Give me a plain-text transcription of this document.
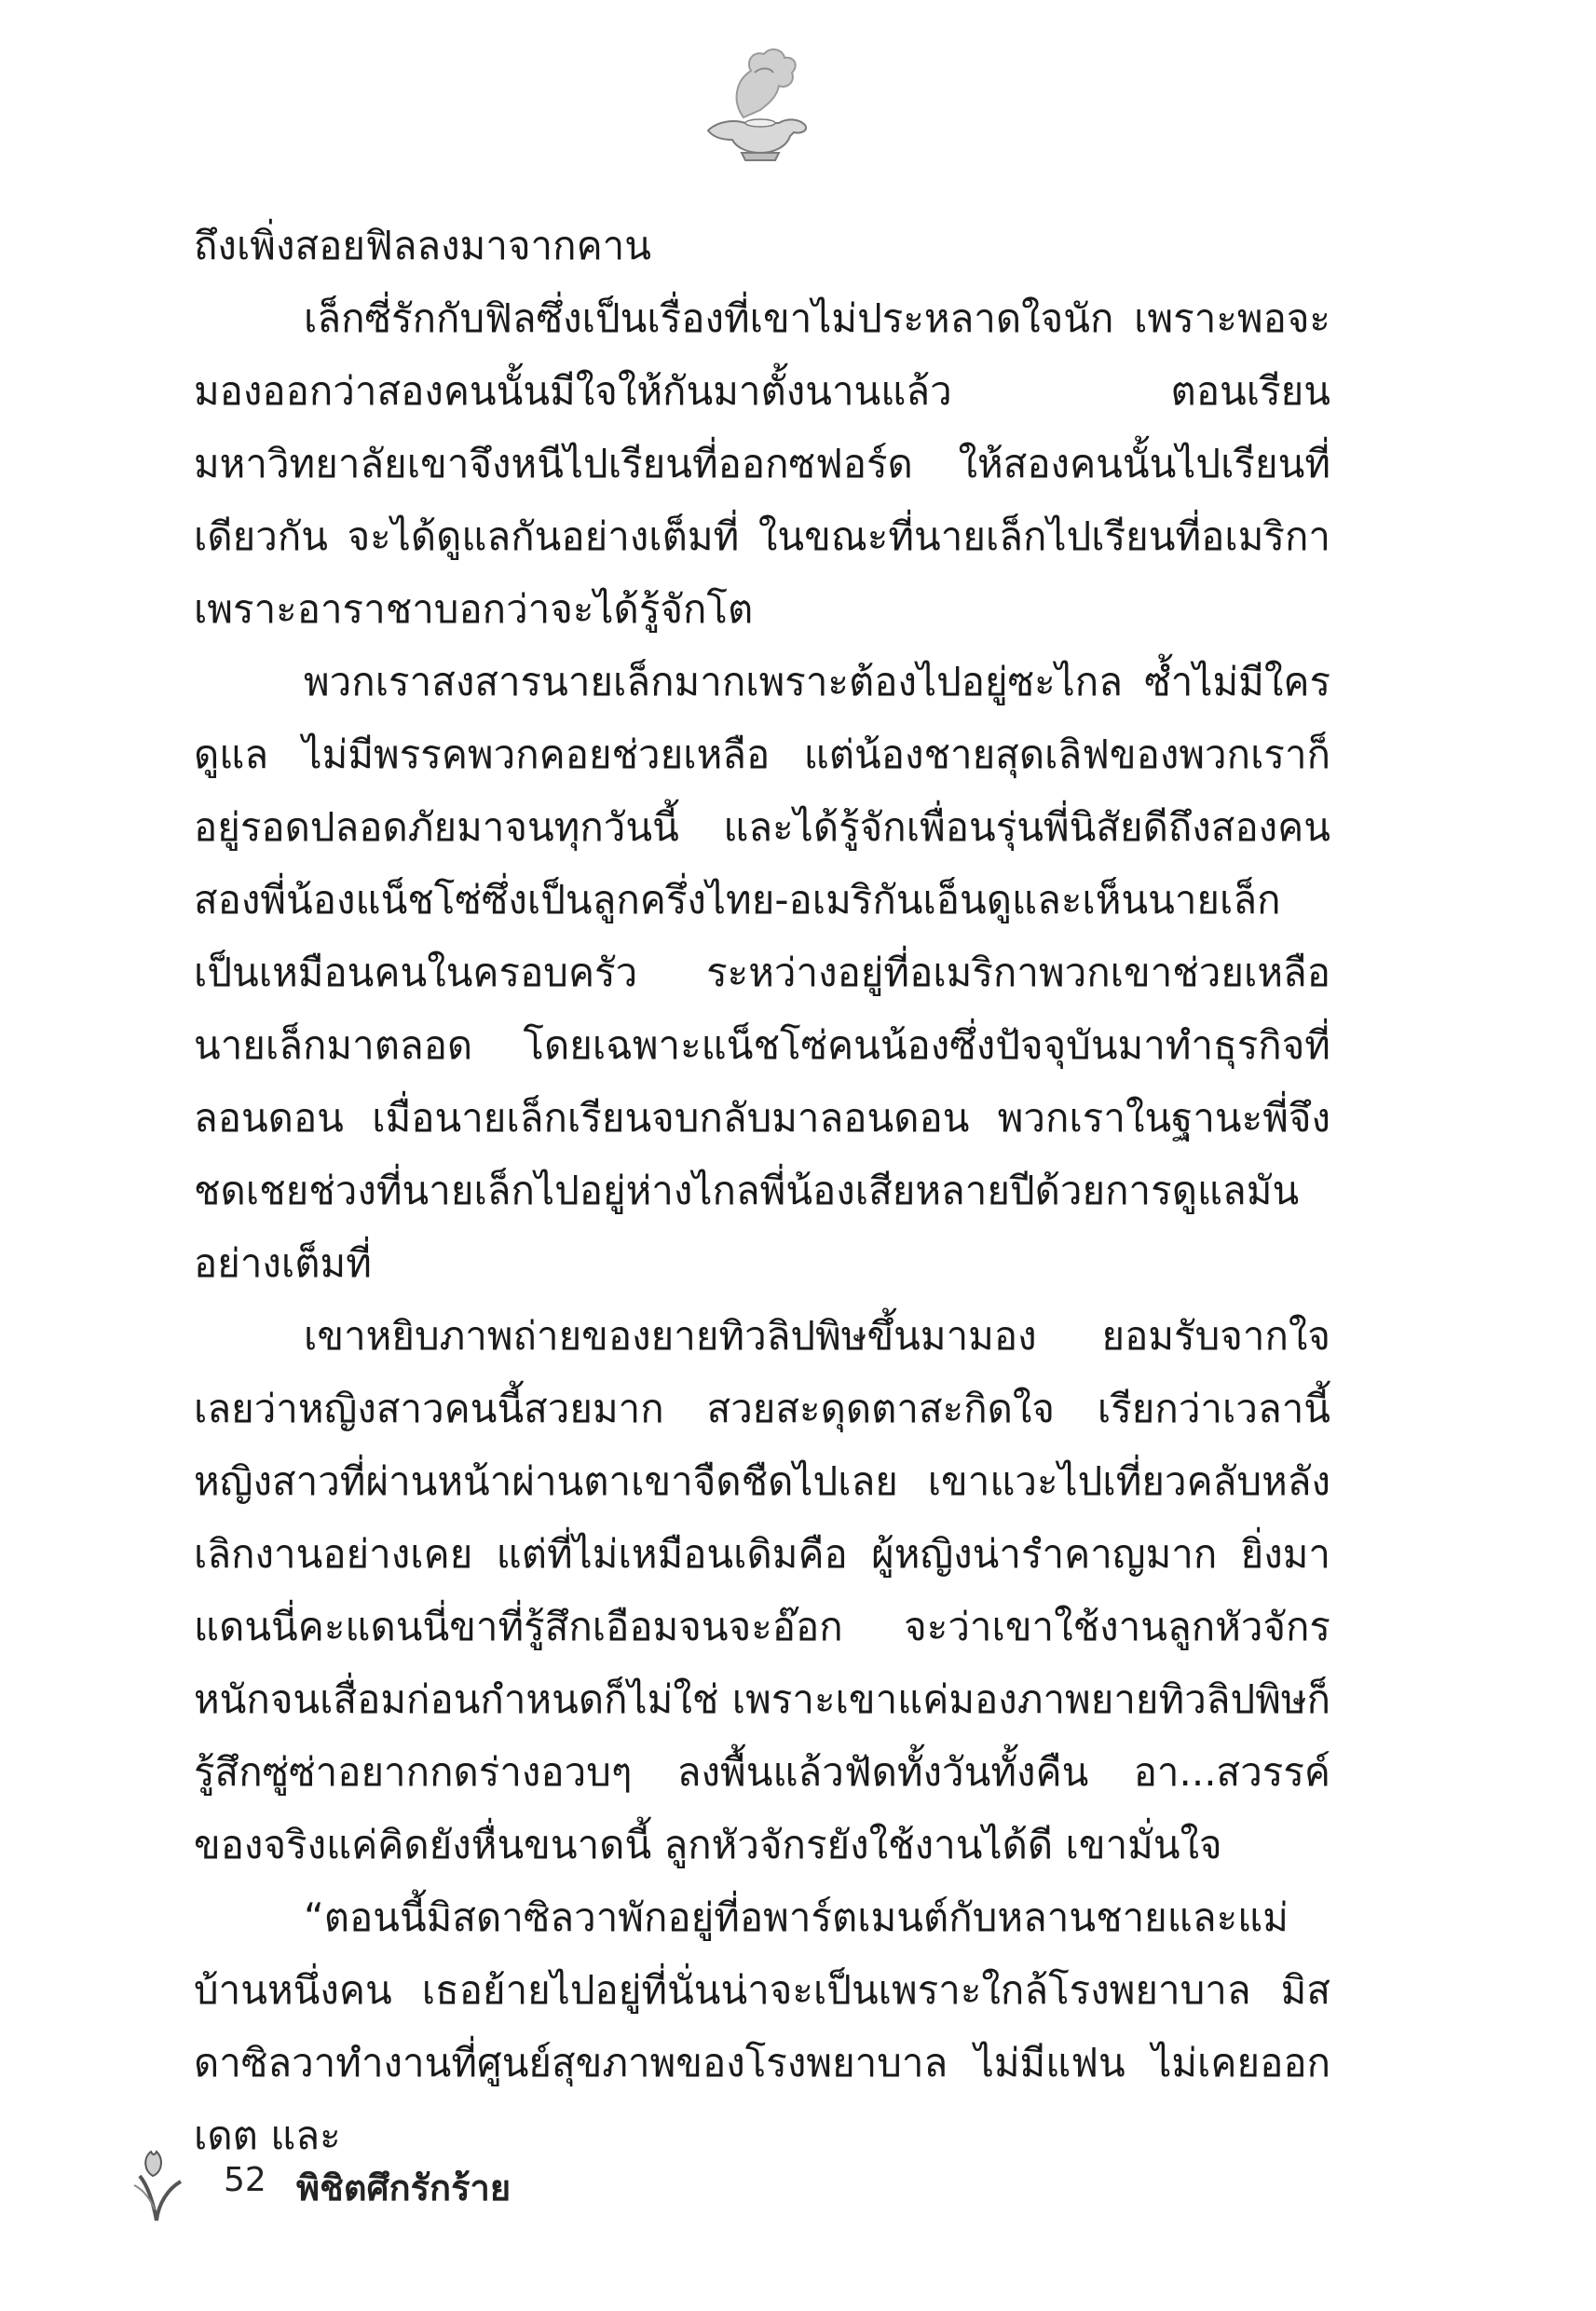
ถึงเพิ่งสอยฟิลลงมาจากคาน

เล็กซี่รักกับฟิลซึ่งเป็นเรื่องที่เขาไม่ประหลาดใจนัก เพราะพอจะมองออกว่าสองคนนั้นมีใจให้กันมาตั้งนานแล้ว ตอนเรียนมหาวิทยาลัยเขาจึงหนีไปเรียนที่ออกซฟอร์ด ให้สองคนนั้นไปเรียนที่เดียวกัน จะได้ดูแลกันอย่างเต็มที่ ในขณะที่นายเล็กไปเรียนที่อเมริกา เพราะอาราชาบอกว่าจะได้รู้จักโต

พวกเราสงสารนายเล็กมากเพราะต้องไปอยู่ซะไกล ซ้ำไม่มีใครดูแล ไม่มีพรรคพวกคอยช่วยเหลือ แต่น้องชายสุดเลิฟของพวกเราก็อยู่รอดปลอดภัยมาจนทุกวันนี้ และได้รู้จักเพื่อนรุ่นพี่นิสัยดีถึงสองคนสองพี่น้องแน็ชโซ่ซึ่งเป็นลูกครึ่งไทย-อเมริกันเอ็นดูและเห็นนายเล็กเป็นเหมือนคนในครอบครัว ระหว่างอยู่ที่อเมริกาพวกเขาช่วยเหลือนายเล็กมาตลอด โดยเฉพาะแน็ชโซ่คนน้องซึ่งปัจจุบันมาทำธุรกิจที่ลอนดอน เมื่อนายเล็กเรียนจบกลับมาลอนดอน พวกเราในฐานะพี่จึงชดเชยช่วงที่นายเล็กไปอยู่ห่างไกลพี่น้องเสียหลายปีด้วยการดูแลมันอย่างเต็มที่

เขาหยิบภาพถ่ายของยายทิวลิปพิษขึ้นมามอง ยอมรับจากใจเลยว่าหญิงสาวคนนี้สวยมาก สวยสะดุดตาสะกิดใจ เรียกว่าเวลานี้หญิงสาวที่ผ่านหน้าผ่านตาเขาจืดชืดไปเลย เขาแวะไปเที่ยวคลับหลังเลิกงานอย่างเคย แต่ที่ไม่เหมือนเดิมคือ ผู้หญิงน่ารำคาญมาก ยิ่งมาแดนนี่คะแดนนี่ขาที่รู้สึกเอือมจนจะอ๊อก จะว่าเขาใช้งานลูกหัวจักรหนักจนเสื่อมก่อนกำหนดก็ไม่ใช่ เพราะเขาแค่มองภาพยายทิวลิปพิษก็รู้สึกซู่ซ่าอยากกดร่างอวบๆ ลงพื้นแล้วฟัดทั้งวันทั้งคืน อา...สวรรค์ของจริงแค่คิดยังหื่นขนาดนี้ ลูกหัวจักรยังใช้งานได้ดี เขามั่นใจ

“ตอนนี้มิสดาซิลวาพักอยู่ที่อพาร์ตเมนต์กับหลานชายและแม่บ้านหนึ่งคน เธอย้ายไปอยู่ที่นั่นน่าจะเป็นเพราะใกล้โรงพยาบาล มิสดาซิลวาทำงานที่ศูนย์สุขภาพของโรงพยาบาล ไม่มีแฟน ไม่เคยออกเดต และ

52 พิชิตศึกรักร้าย
